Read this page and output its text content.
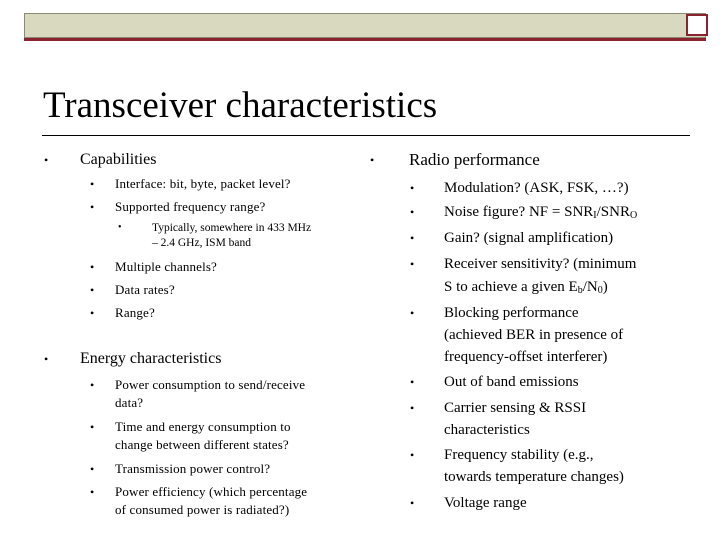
Transceiver characteristics
• Capabilities
• Interface: bit, byte, packet level?
• Supported frequency range?
•	Typically, somewhere in 433 MHz
– 2.4 GHz, ISM band
• Multiple channels?
• Data rates?
• Range?
• Energy characteristics
• Power consumption to send/receive
data?
• Time and energy consumption to
change between different states?
• Transmission power control?
• Power efficiency (which percentage
of consumed power is radiated?)
• Radio performance
• Modulation? (ASK, FSK, …?)
• Noise figure? NF = $SNR_I/SNR_O$
• Gain? (signal amplification)
• Receiver sensitivity? (minimum
S to achieve a given $E_b/N_0$)
• Blocking performance
(achieved BER in presence of
frequency-offset interferer)
• Out of band emissions
• Carrier sensing & RSSI
characteristics
• Frequency stability (e.g.,
towards temperature changes)
• Voltage range
